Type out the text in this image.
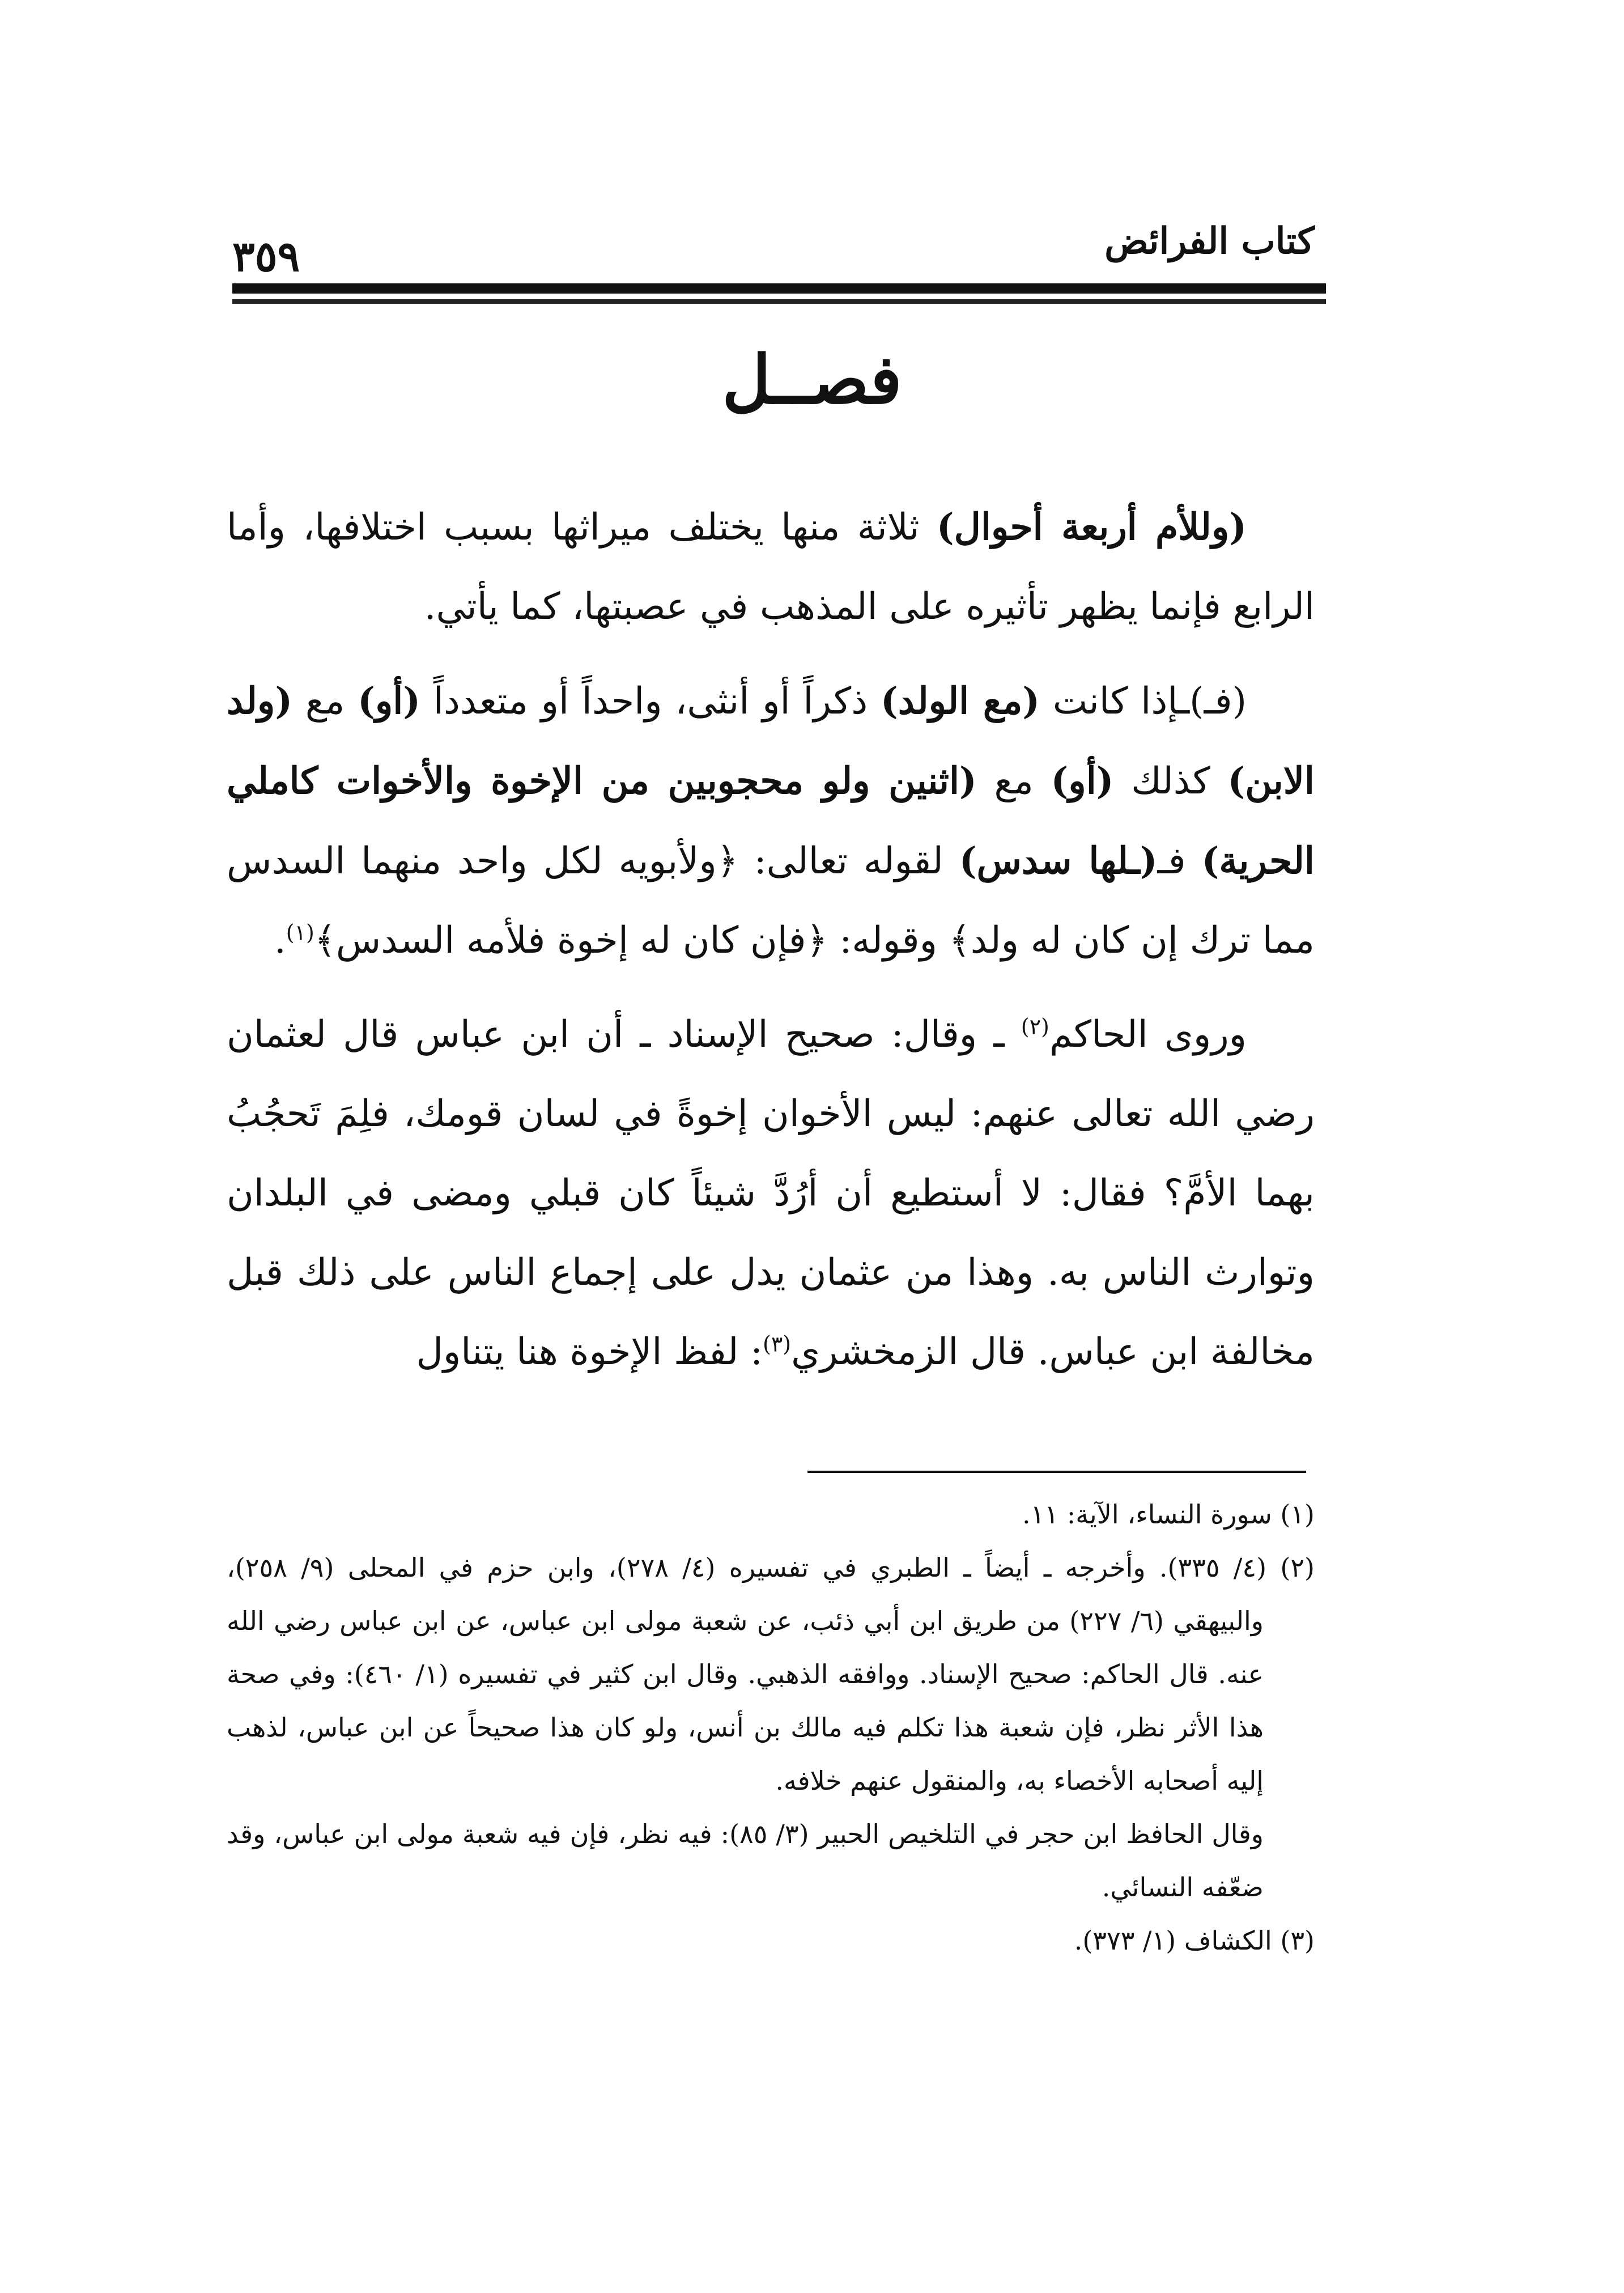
كتاب الفرائض
٣٥٩
فصــل

(وللأم أربعة أحوال) ثلاثة منها يختلف ميراثها بسبب اختلافها، وأما الرابع فإنما يظهر تأثيره على المذهب في عصبتها، كما يأتي.

(فـ)ـإذا كانت (مع الولد) ذكراً أو أنثى، واحداً أو متعدداً (أو) مع (ولد الابن) كذلك (أو) مع (اثنين ولو محجوبين من الإخوة والأخوات كاملي الحرية) فـ(ـلها سدس) لقوله تعالى: ﴿ولأبويه لكل واحد منهما السدس مما ترك إن كان له ولد﴾ وقوله: ﴿فإن كان له إخوة فلأمه السدس﴾$^{(١)}$.

وروى الحاكم$^{(٢)}$ ـ وقال: صحيح الإسناد ـ أن ابن عباس قال لعثمان رضي الله تعالى عنهم: ليس الأخوان إخوةً في لسان قومك، فلِمَ تَحجُبُ بهما الأمَّ؟ فقال: لا أستطيع أن أرُدَّ شيئاً كان قبلي ومضى في البلدان وتوارث الناس به. وهذا من عثمان يدل على إجماع الناس على ذلك قبل مخالفة ابن عباس. قال الزمخشري$^{(٣)}$: لفظ الإخوة هنا يتناول

(١) سورة النساء، الآية: ١١.

(٢) (٤/ ٣٣٥). وأخرجه ـ أيضاً ـ الطبري في تفسيره (٤/ ٢٧٨)، وابن حزم في المحلى (٩/ ٢٥٨)، والبيهقي (٦/ ٢٢٧) من طريق ابن أبي ذئب، عن شعبة مولى ابن عباس، عن ابن عباس رضي الله عنه. قال الحاكم: صحيح الإسناد. ووافقه الذهبي. وقال ابن كثير في تفسيره (١/ ٤٦٠): وفي صحة هذا الأثر نظر، فإن شعبة هذا تكلم فيه مالك بن أنس، ولو كان هذا صحيحاً عن ابن عباس، لذهب إليه أصحابه الأخصاء به، والمنقول عنهم خلافه.

وقال الحافظ ابن حجر في التلخيص الحبير (٣/ ٨٥): فيه نظر، فإن فيه شعبة مولى ابن عباس، وقد ضعّفه النسائي.

(٣) الكشاف (١/ ٣٧٣).
